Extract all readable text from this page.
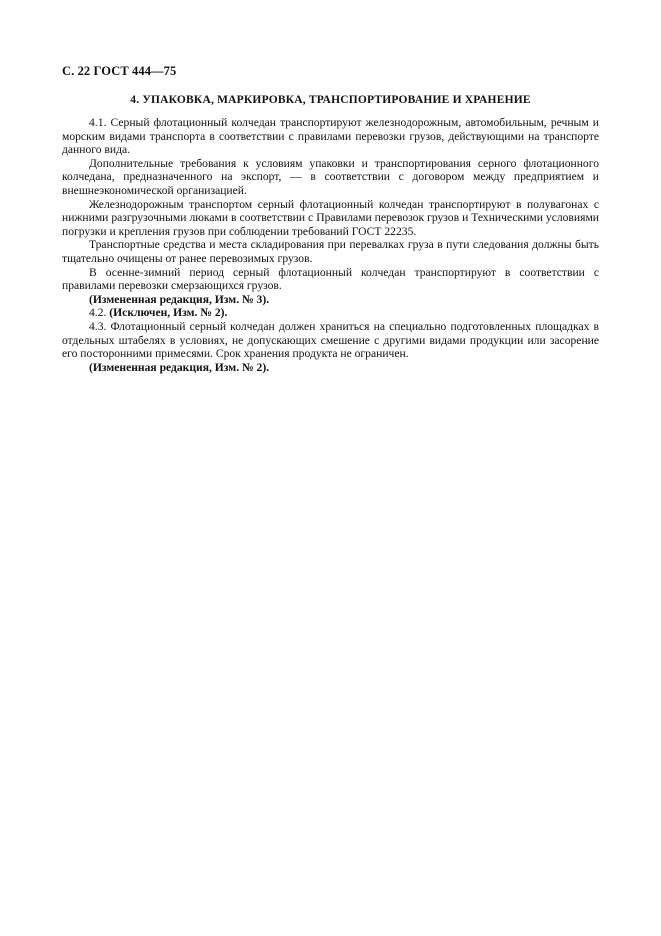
С. 22 ГОСТ 444—75
4. УПАКОВКА, МАРКИРОВКА, ТРАНСПОРТИРОВАНИЕ И ХРАНЕНИЕ

4.1. Серный флотационный колчедан транспортируют железнодорожным, автомобильным, речным и морским видами транспорта в соответствии с правилами перевозки грузов, действующими на транспорте данного вида.

Дополнительные требования к условиям упаковки и транспортирования серного флотационного колчедана, предназначенного на экспорт, — в соответствии с договором между предприятием и внешнеэкономической организацией.

Железнодорожным транспортом серный флотационный колчедан транспортируют в полувагонах с нижними разгрузочными люками в соответствии с Правилами перевозок грузов и Техническими условиями погрузки и крепления грузов при соблюдении требований ГОСТ 22235.

Транспортные средства и места складирования при перевалках груза в пути следования должны быть тщательно очищены от ранее перевозимых грузов.

В осенне-зимний период серный флотационный колчедан транспортируют в соответствии с правилами перевозки смерзающихся грузов.

(Измененная редакция, Изм. № 3).

4.2. (Исключен, Изм. № 2).

4.3. Флотационный серный колчедан должен храниться на специально подготовленных площадках в отдельных штабелях в условиях, не допускающих смешение с другими видами продукции или засорение его посторонними примесями. Срок хранения продукта не ограничен.

(Измененная редакция, Изм. № 2).
